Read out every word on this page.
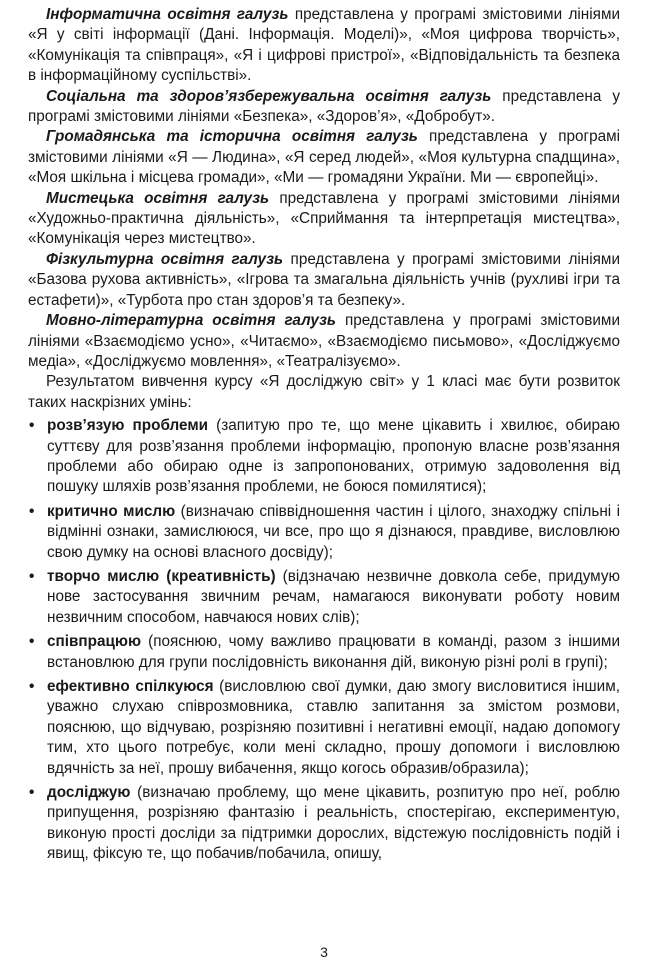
Інформатична освітня галузь представлена у програмі змістовими лініями «Я у світі інформації (Дані. Інформація. Моделі)», «Моя цифрова творчість», «Комунікація та співпраця», «Я і цифрові пристрої», «Відповідальність та безпека в інформаційному суспільстві».

Соціальна та здоров’язбережувальна освітня галузь представлена у програмі змістовими лініями «Безпека», «Здоров’я», «Добробут».

Громадянська та історична освітня галузь представлена у програмі змістовими лініями «Я — Людина», «Я серед людей», «Моя культурна спадщина», «Моя шкільна і місцева громади», «Ми — громадяни України. Ми — європейці».

Мистецька освітня галузь представлена у програмі змістовими лініями «Художньо-практична діяльність», «Сприймання та інтерпретація мистецтва», «Комунікація через мистецтво».

Фізкультурна освітня галузь представлена у програмі змістовими лініями «Базова рухова активність», «Ігрова та змагальна діяльність учнів (рухливі ігри та естафети)», «Турбота про стан здоров’я та безпеку».

Мовно-літературна освітня галузь представлена у програмі змістовими лініями «Взаємодіємо усно», «Читаємо», «Взаємодіємо письмово», «Досліджуємо медіа», «Досліджуємо мовлення», «Театралізуємо».

Результатом вивчення курсу «Я досліджую світ» у 1 класі має бути розвиток таких наскрізних умінь:

• розв’язую проблеми (запитую про те, що мене цікавить і хвилює, обираю суттєву для розв’язання проблеми інформацію, пропоную власне розв’язання проблеми або обираю одне із запропонованих, отримую задоволення від пошуку шляхів розв’язання проблеми, не боюся помилятися);
• критично мислю (визначаю співвідношення частин і цілого, знаходжу спільні і відмінні ознаки, замислююся, чи все, про що я дізнаюся, правдиве, висловлюю свою думку на основі власного досвіду);
• творчо мислю (креативність) (відзначаю незвичне довкола себе, придумую нове застосування звичним речам, намагаюся виконувати роботу новим незвичним способом, навчаюся нових слів);
• співпрацюю (пояснюю, чому важливо працювати в команді, разом з іншими встановлюю для групи послідовність виконання дій, виконую різні ролі в групі);
• ефективно спілкуюся (висловлюю свої думки, даю змогу висловитися іншим, уважно слухаю співрозмовника, ставлю запитання за змістом розмови, пояснюю, що відчуваю, розрізняю позитивні і негативні емоції, надаю допомогу тим, хто цього потребує, коли мені складно, прошу допомоги і висловлюю вдячність за неї, прошу вибачення, якщо когось образив/образила);
• досліджую (визначаю проблему, що мене цікавить, розпитую про неї, роблю припущення, розрізняю фантазію і реальність, спостерігаю, експериментую, виконую прості досліди за підтримки дорослих, відстежую послідовність подій і явищ, фіксую те, що побачив/побачила, опишу,
3
